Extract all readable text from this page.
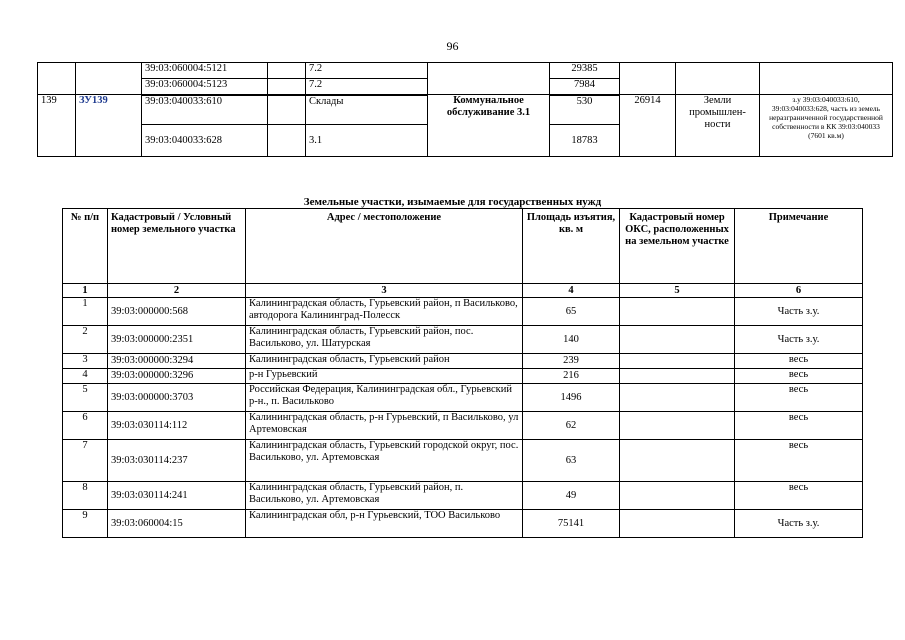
96
		39:03:060004:5121		7.2		29385			
		39:03:060004:5123		7.2		7984			
139	ЗУ139	39:03:040033:610		Склады	Коммунальное обслуживание 3.1	530	26914	Земли промышлен-ности	з.у 39:03:040033:610, 39:03:040033:628, часть из земель неразграниченной государственной собственности в КК 39:03:040033 (7601 кв.м)
		39:03:040033:628		3.1		18783			
Земельные участки, изымаемые для государственных нужд
№ п/п	Кадастровый / Условный номер земельного участка	Адрес / местоположение	Площадь изъятия, кв. м	Кадастровый номер ОКС, расположенных на земельном участке	Примечание
1	2	3	4	5	6
1	39:03:000000:568	Калининградская область, Гурьевский район, п Васильково, автодорога Калининград-Полесск	65		Часть з.у.
2	39:03:000000:2351	Калининградская область, Гурьевский район, пос. Васильково, ул. Шатурская	140		Часть з.у.
3	39:03:000000:3294	Калининградская область, Гурьевский район	239		весь
4	39:03:000000:3296	р-н Гурьевский	216		весь
5	39:03:000000:3703	Российская Федерация, Калининградская обл., Гурьевский р-н., п. Васильково	1496		весь
6	39:03:030114:112	Калининградская область, р-н Гурьевский, п Васильково, ул Артемовская	62		весь
7	39:03:030114:237	Калининградская область, Гурьевский городской округ, пос. Васильково, ул. Артемовская	63		весь
8	39:03:030114:241	Калининградская область, Гурьевский район, п. Васильково, ул. Артемовская	49		весь
9	39:03:060004:15	Калининградская обл, р-н Гурьевский, ТОО Васильково	75141		Часть з.у.
